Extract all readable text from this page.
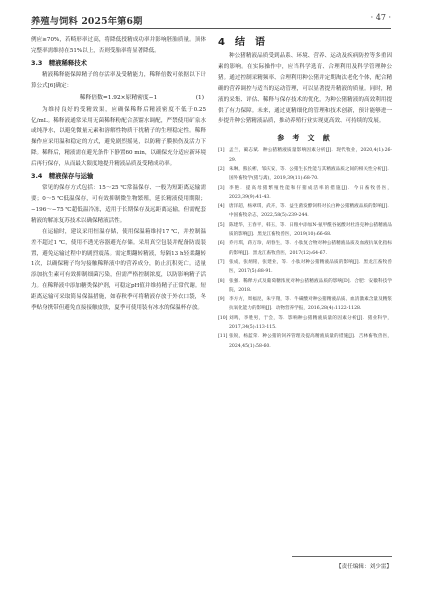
养殖与饲料 2025年第6期	· 47 ·

例应≥70%，若畸形率过高，将降低授精成功率并影响胚胎质量。顶体完整率需维持在51%以上，否则受胎率将显著降低。

3.3　精液稀释技术

精液稀释能保障精子的存活率及受精能力，稀释倍数可依据以下计算公式[6]确定：

稀释倍数=1.92×原精密度−1	(1)

为维持良好的受精效果，应确保稀释后精液密度不低于0.25亿/mL。稀释液通常采用无菌稀释粉配合蒸馏水调配，严禁使用矿泉水或纯净水，以避免微量元素和溶解性物质干扰精子的生理稳定性。稀释操作应采用温和稳定的方式，避免剧烈摇晃，以防精子膜损伤及活力下降。稀释后，精液需在避光条件下静置60 min，以确保充分适应新环境后再行保存，从而最大限度地提升精液品质及受精成功率。

3.4　精液保存与运输

常见的保存方式包括：15～25 ℃常温保存、一般为短距离运输需要；0～5 ℃低温保存，可有效抑制微生物繁殖，延长精液使用期限；−196～−75 ℃超低温冷冻，适用于长期保存及远距离运输，但需配套精液的解冻复苏技术以确保精液活性。

在运输时，建议采用恒温存储，使用保温箱维持17 ℃，并控制温差不超过1 ℃，使用不透光容器避光存储。采用真空包装并配备防震装置，避免运输过程中的剧烈震荡。需定期翻转精液，每隔13 h轻柔翻转1次，以确保精子均匀接触稀释液中的营养成分，防止沉积死亡。适量添加抗生素可有效抑制细菌污染，但需严格控制浓度，以防影响精子活力。在稀释液中添加糖类保护剂，可稳定pH值并维持精子正常代谢。短距离运输可采取简易保温措施，如春秋季可将精液存放于外衣口袋，冬季贴身携带但避免直接接触皮肤，夏季可使用装有冰水的保温杯存放。

4　结　语

种公猪精液品质受到品系、环境、营养、运动及疾病防控等多重因素的影响。在实际操作中，应当科学选育、合理利用及科学管理种公猪。通过控制采精频率、合理利用种公猪并定期淘汰老化个体，配合精确的营养调控与适当的运动管理，可以显著提升精液的质量。同时，精液的采集、评估、稀释与保存技术的优化，为种公猪精液的高效利用提供了有力保障。未来，通过更精细化的管理和技术创新，预计能够进一步提升种公猪精液品质，推动养殖行业实现更高效、可持续的发展。

参 考 文 献

[1] 孟兰，蔺志斌．种公猪精液质量影响因素分析[J]．现代牧业，2020,4(1):26-29.
[2] 朱琳，熊长彬，邹庆安，等．公猪生长性能与其精液品质之间的相关性分析[J]．国外畜牧学(猪与禽)，2019,39(11):68-70.
[3] 李艳．提高母猪繁殖性能和仔猪成活率的措施[J]．今日畜牧兽医，2023,39(9):41-43.
[4] 唐洋超，杨翠琪，武卉，等．益生菌发酵饲料对长白种公猪精液品质的影响[J]．中国畜牧杂志，2022,58(5):239-244.
[5] 陈建华，王春平，韩玉，等．日粮中添加N-氨甲酰谷氨酸对杜洛克种公猪精液品质的影响[J]．黑龙江畜牧兽医，2019(10):66-68.
[6] 乔月琪，蒋万珍，胡春生，等．小肽复合物对种公猪精液品质及血液抗氧化指标的影响[J]．黑龙江畜牧兽医，2017(12):64-67.
[7] 张成，张炳铭，张建业，等．小肽对种公猪精液品质的影响[J]．黑龙江畜牧兽医，2017(5):88-91.
[8] 张强．稀释方式及葡萄糖浓度对种公猪精液品质的影响[D]．合肥：安徽科技学院，2018.
[9] 李方方，周福昆，朱宇翔，等．牛磺酸对种公猪精液品质、血清激素含量及精浆抗氧化能力的影响[J]．动物营养学报，2016,28(4):1122-1128.
[10] 刘鸣，李胜男，于会，等．影响种公猪精液质量的因素分析[J]．猪业科学，2017,34(5):113-115.
[11] 张锐，杨蓝荣．种公猪的饲养管理及提高精液质量的措施[J]．吉林畜牧兽医，2024,45(1):58-60.
【责任编辑：刘少雷】
